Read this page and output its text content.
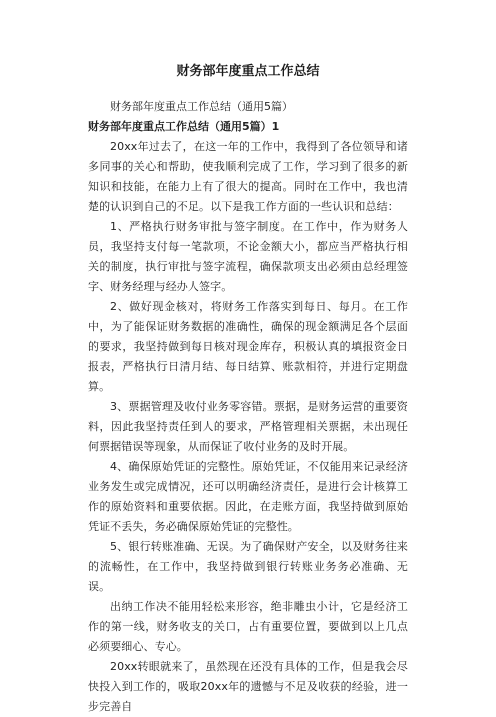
财务部年度重点工作总结

财务部年度重点工作总结（通用5篇）

财务部年度重点工作总结（通用5篇）1

20xx年过去了，在这一年的工作中，我得到了各位领导和诸多同事的关心和帮助，使我顺利完成了工作，学习到了很多的新知识和技能，在能力上有了很大的提高。同时在工作中，我也清楚的认识到自己的不足。以下是我工作方面的一些认识和总结：

1、严格执行财务审批与签字制度。在工作中，作为财务人员，我坚持支付每一笔款项，不论金额大小，都应当严格执行相关的制度，执行审批与签字流程，确保款项支出必须由总经理签字、财务经理与经办人签字。

2、做好现金核对，将财务工作落实到每日、每月。在工作中，为了能保证财务数据的准确性，确保的现金额满足各个层面的要求，我坚持做到每日核对现金库存，积极认真的填报资金日报表，严格执行日清月结、每日结算、账款相符，并进行定期盘算。

3、票据管理及收付业务零容错。票据，是财务运营的重要资料，因此我坚持责任到人的要求，严格管理相关票据，未出现任何票据错误等现象，从而保证了收付业务的及时开展。

4、确保原始凭证的完整性。原始凭证，不仅能用来记录经济业务发生或完成情况，还可以明确经济责任，是进行会计核算工作的原始资料和重要依据。因此，在走账方面，我坚持做到原始凭证不丢失，务必确保原始凭证的完整性。

5、银行转账准确、无误。为了确保财产安全，以及财务往来的流畅性，在工作中，我坚持做到银行转账业务务必准确、无误。

出纳工作决不能用轻松来形容，绝非雕虫小计，它是经济工作的第一线，财务收支的关口，占有重要位置，要做到以上几点必须要细心、专心。

20xx转眼就来了，虽然现在还没有具体的工作，但是我会尽快投入到工作的，吸取20xx年的遗憾与不足及收获的经验，进一步完善自
